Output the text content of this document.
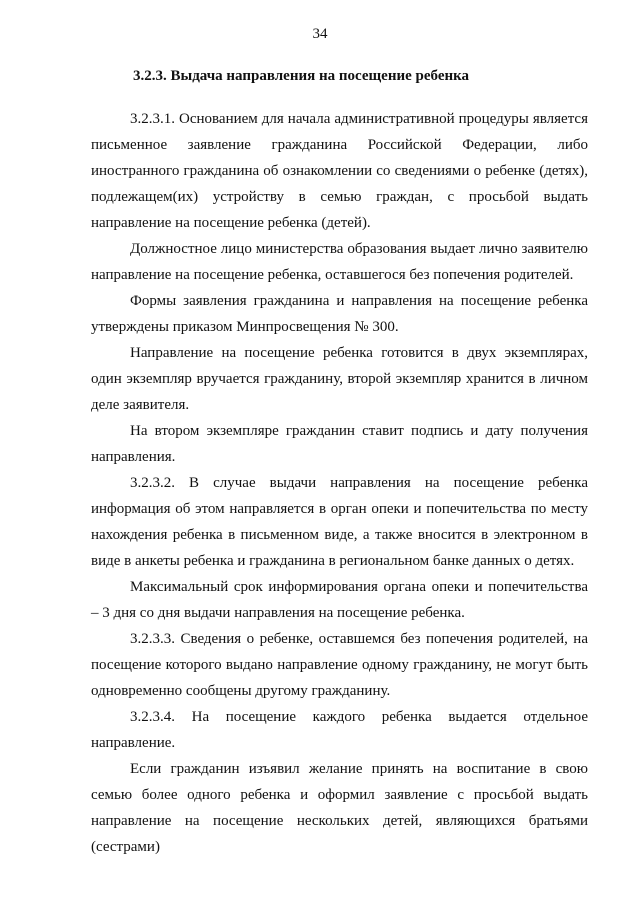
34
3.2.3. Выдача направления на посещение ребенка

3.2.3.1. Основанием для начала административной процедуры является письменное заявление гражданина Российской Федерации, либо иностранного гражданина об ознакомлении со сведениями о ребенке (детях), подлежащем(их) устройству в семью граждан, с просьбой выдать направление на посещение ребенка (детей).

Должностное лицо министерства образования выдает лично заявителю направление на посещение ребенка, оставшегося без попечения родителей.

Формы заявления гражданина и направления на посещение ребенка утверждены приказом Минпросвещения № 300.

Направление на посещение ребенка готовится в двух экземплярах, один экземпляр вручается гражданину, второй экземпляр хранится в личном деле заявителя.

На втором экземпляре гражданин ставит подпись и дату получения направления.

3.2.3.2. В случае выдачи направления на посещение ребенка информация об этом направляется в орган опеки и попечительства по месту нахождения ребенка в письменном виде, а также вносится в электронном в виде в анкеты ребенка и гражданина в региональном банке данных о детях.

Максимальный срок информирования органа опеки и попечительства – 3 дня со дня выдачи направления на посещение ребенка.

3.2.3.3. Сведения о ребенке, оставшемся без попечения родителей, на посещение которого выдано направление одному гражданину, не могут быть одновременно сообщены другому гражданину.

3.2.3.4. На посещение каждого ребенка выдается отдельное направление.

Если гражданин изъявил желание принять на воспитание в свою семью более одного ребенка и оформил заявление с просьбой выдать направление на посещение нескольких детей, являющихся братьями (сестрами)
